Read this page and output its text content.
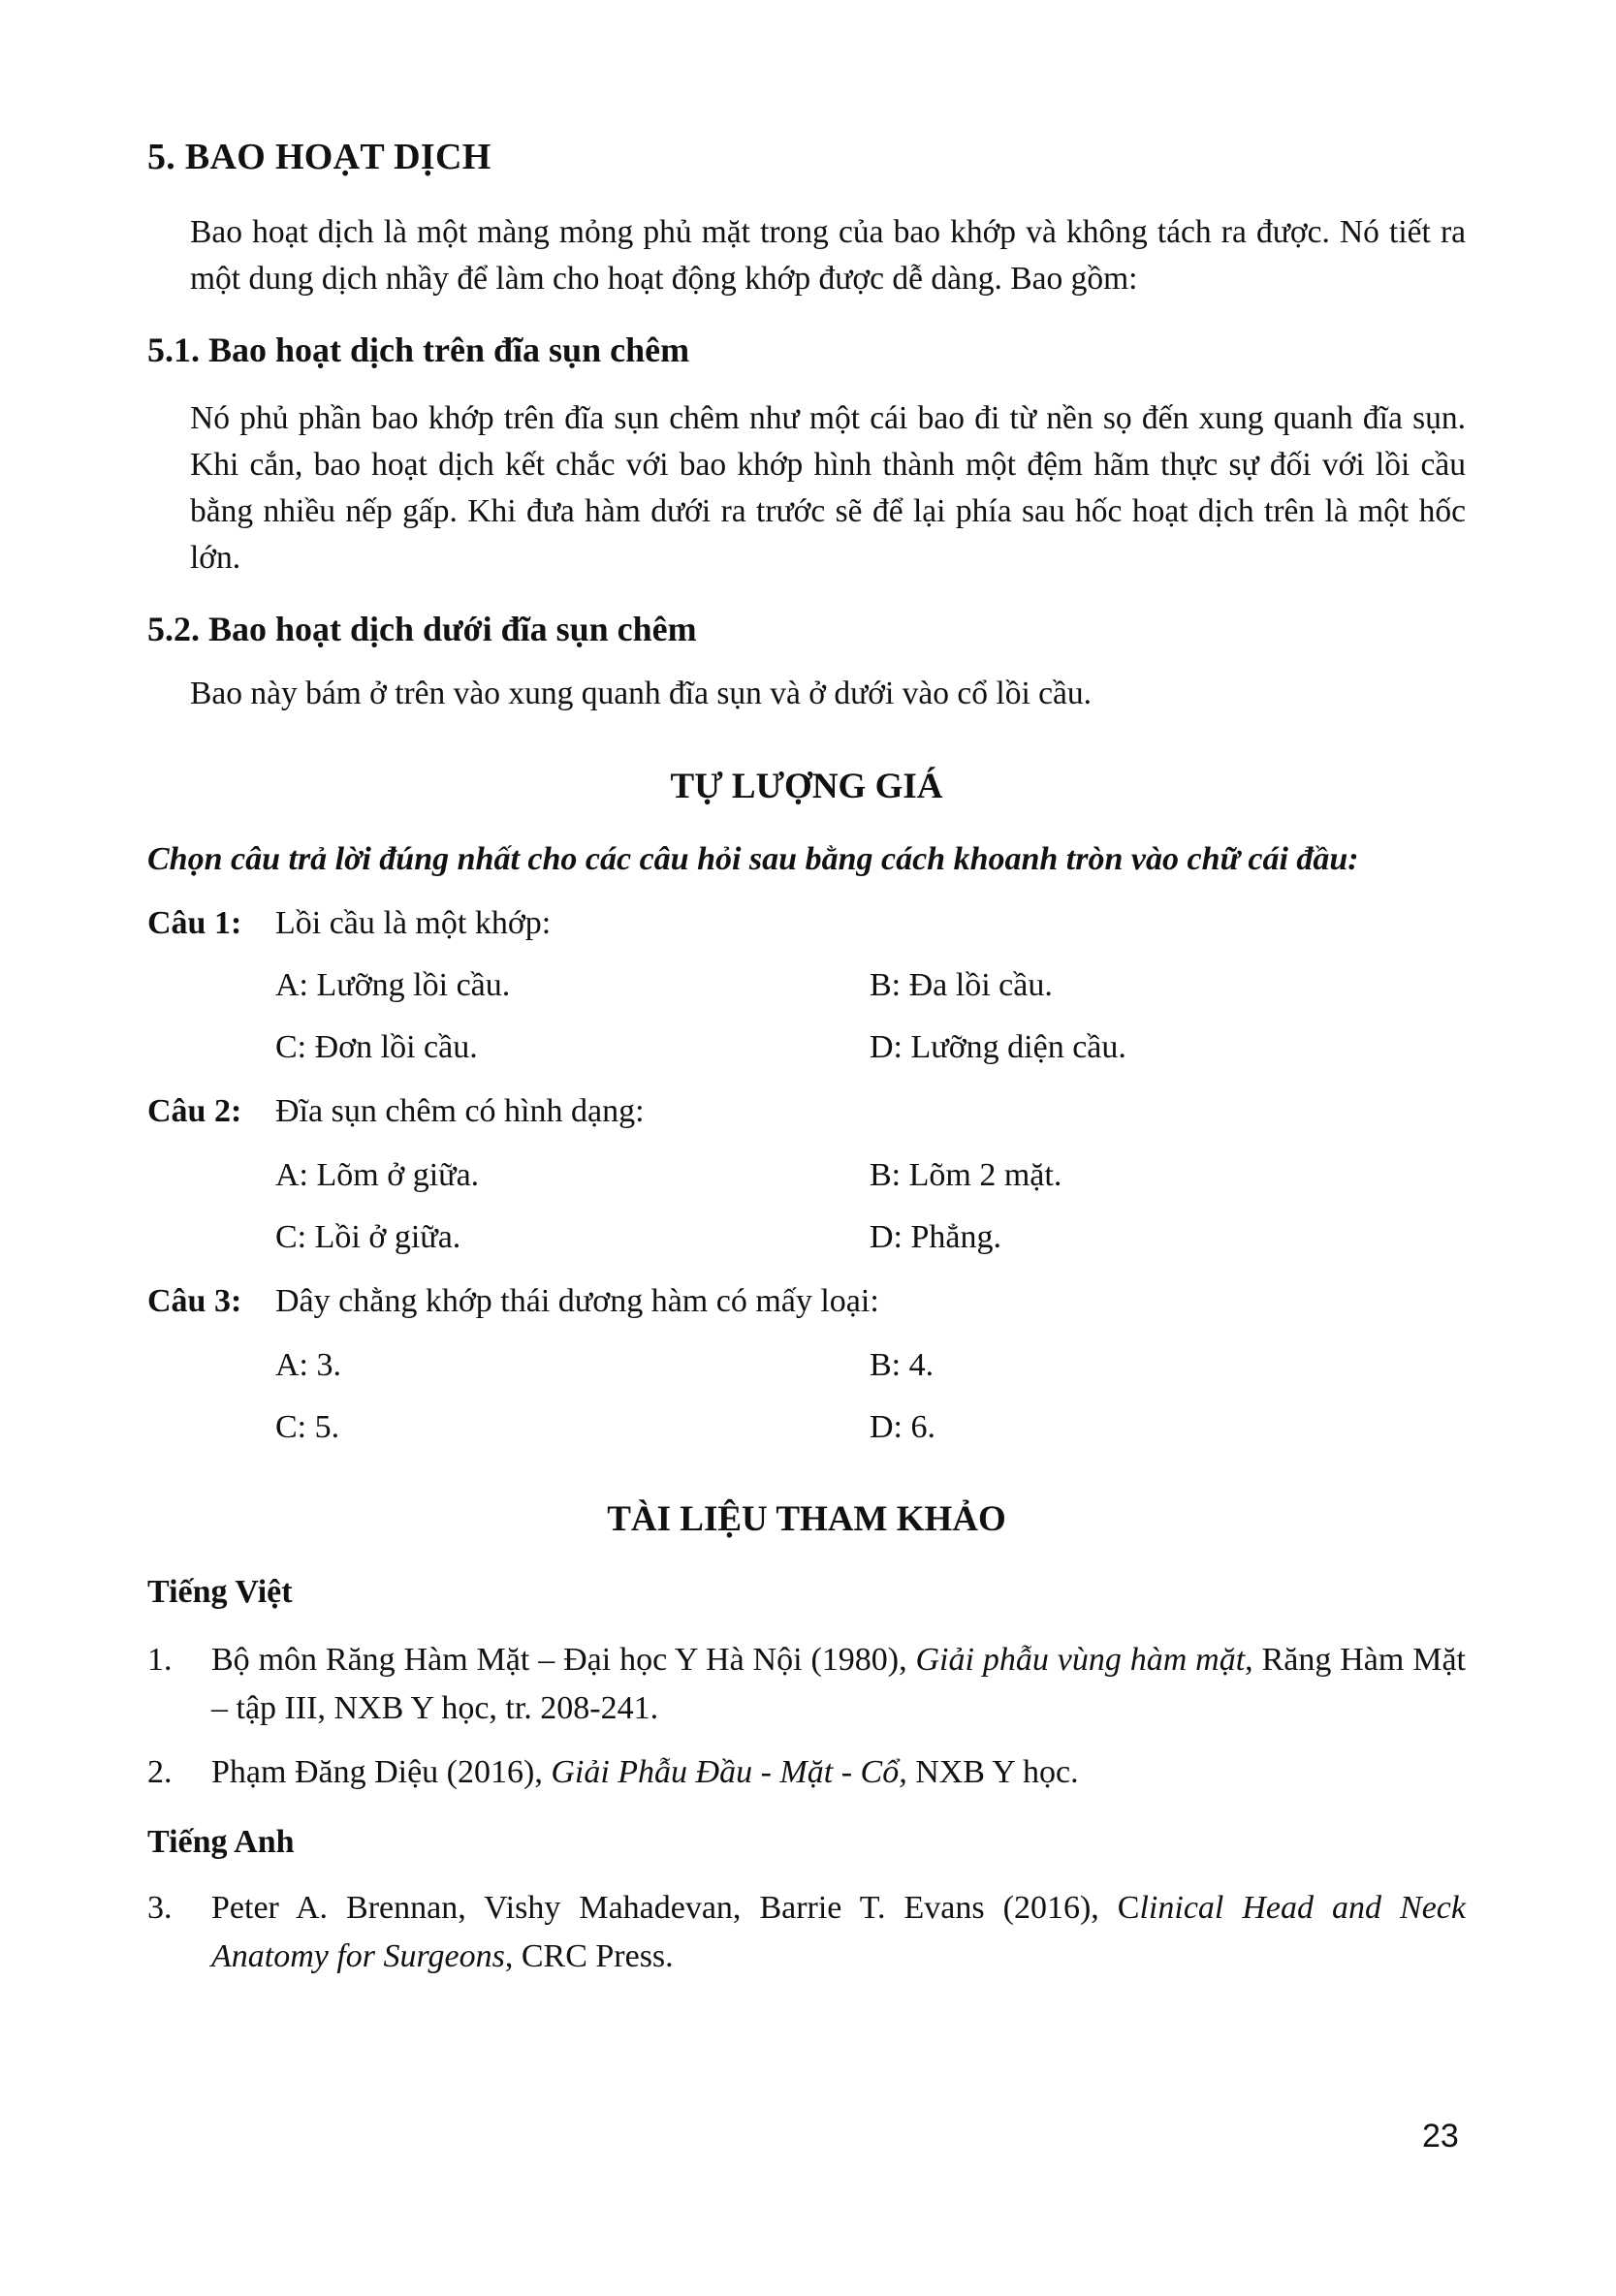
5. BAO HOẠT DỊCH
Bao hoạt dịch là một màng mỏng phủ mặt trong của bao khớp và không tách ra được. Nó tiết ra một dung dịch nhầy để làm cho hoạt động khớp được dễ dàng. Bao gồm:
5.1. Bao hoạt dịch trên đĩa sụn chêm
Nó phủ phần bao khớp trên đĩa sụn chêm như một cái bao đi từ nền sọ đến xung quanh đĩa sụn. Khi cắn, bao hoạt dịch kết chắc với bao khớp hình thành một đệm hãm thực sự đối với lồi cầu bằng nhiều nếp gấp. Khi đưa hàm dưới ra trước sẽ để lại phía sau hốc hoạt dịch trên là một hốc lớn.
5.2. Bao hoạt dịch dưới đĩa sụn chêm
Bao này bám ở trên vào xung quanh đĩa sụn và ở dưới vào cổ lồi cầu.
TỰ LƯỢNG GIÁ
Chọn câu trả lời đúng nhất cho các câu hỏi sau bằng cách khoanh tròn vào chữ cái đầu:
Câu 1: Lồi cầu là một khớp:
A: Lưỡng lồi cầu.	B: Đa lồi cầu.
C: Đơn lồi cầu.	D: Lưỡng diện cầu.
Câu 2: Đĩa sụn chêm có hình dạng:
A: Lõm ở giữa.	B: Lõm 2 mặt.
C: Lồi ở giữa.	D: Phẳng.
Câu 3: Dây chằng khớp thái dương hàm có mấy loại:
A: 3.	B: 4.
C: 5.	D: 6.
TÀI LIỆU THAM KHẢO
Tiếng Việt
1. Bộ môn Răng Hàm Mặt – Đại học Y Hà Nội (1980), Giải phẫu vùng hàm mặt, Răng Hàm Mặt – tập III, NXB Y học, tr. 208-241.
2. Phạm Đăng Diệu (2016), Giải Phẫu Đầu - Mặt - Cổ, NXB Y học.
Tiếng Anh
3. Peter A. Brennan, Vishy Mahadevan, Barrie T. Evans (2016), Clinical Head and Neck Anatomy for Surgeons, CRC Press.
23
